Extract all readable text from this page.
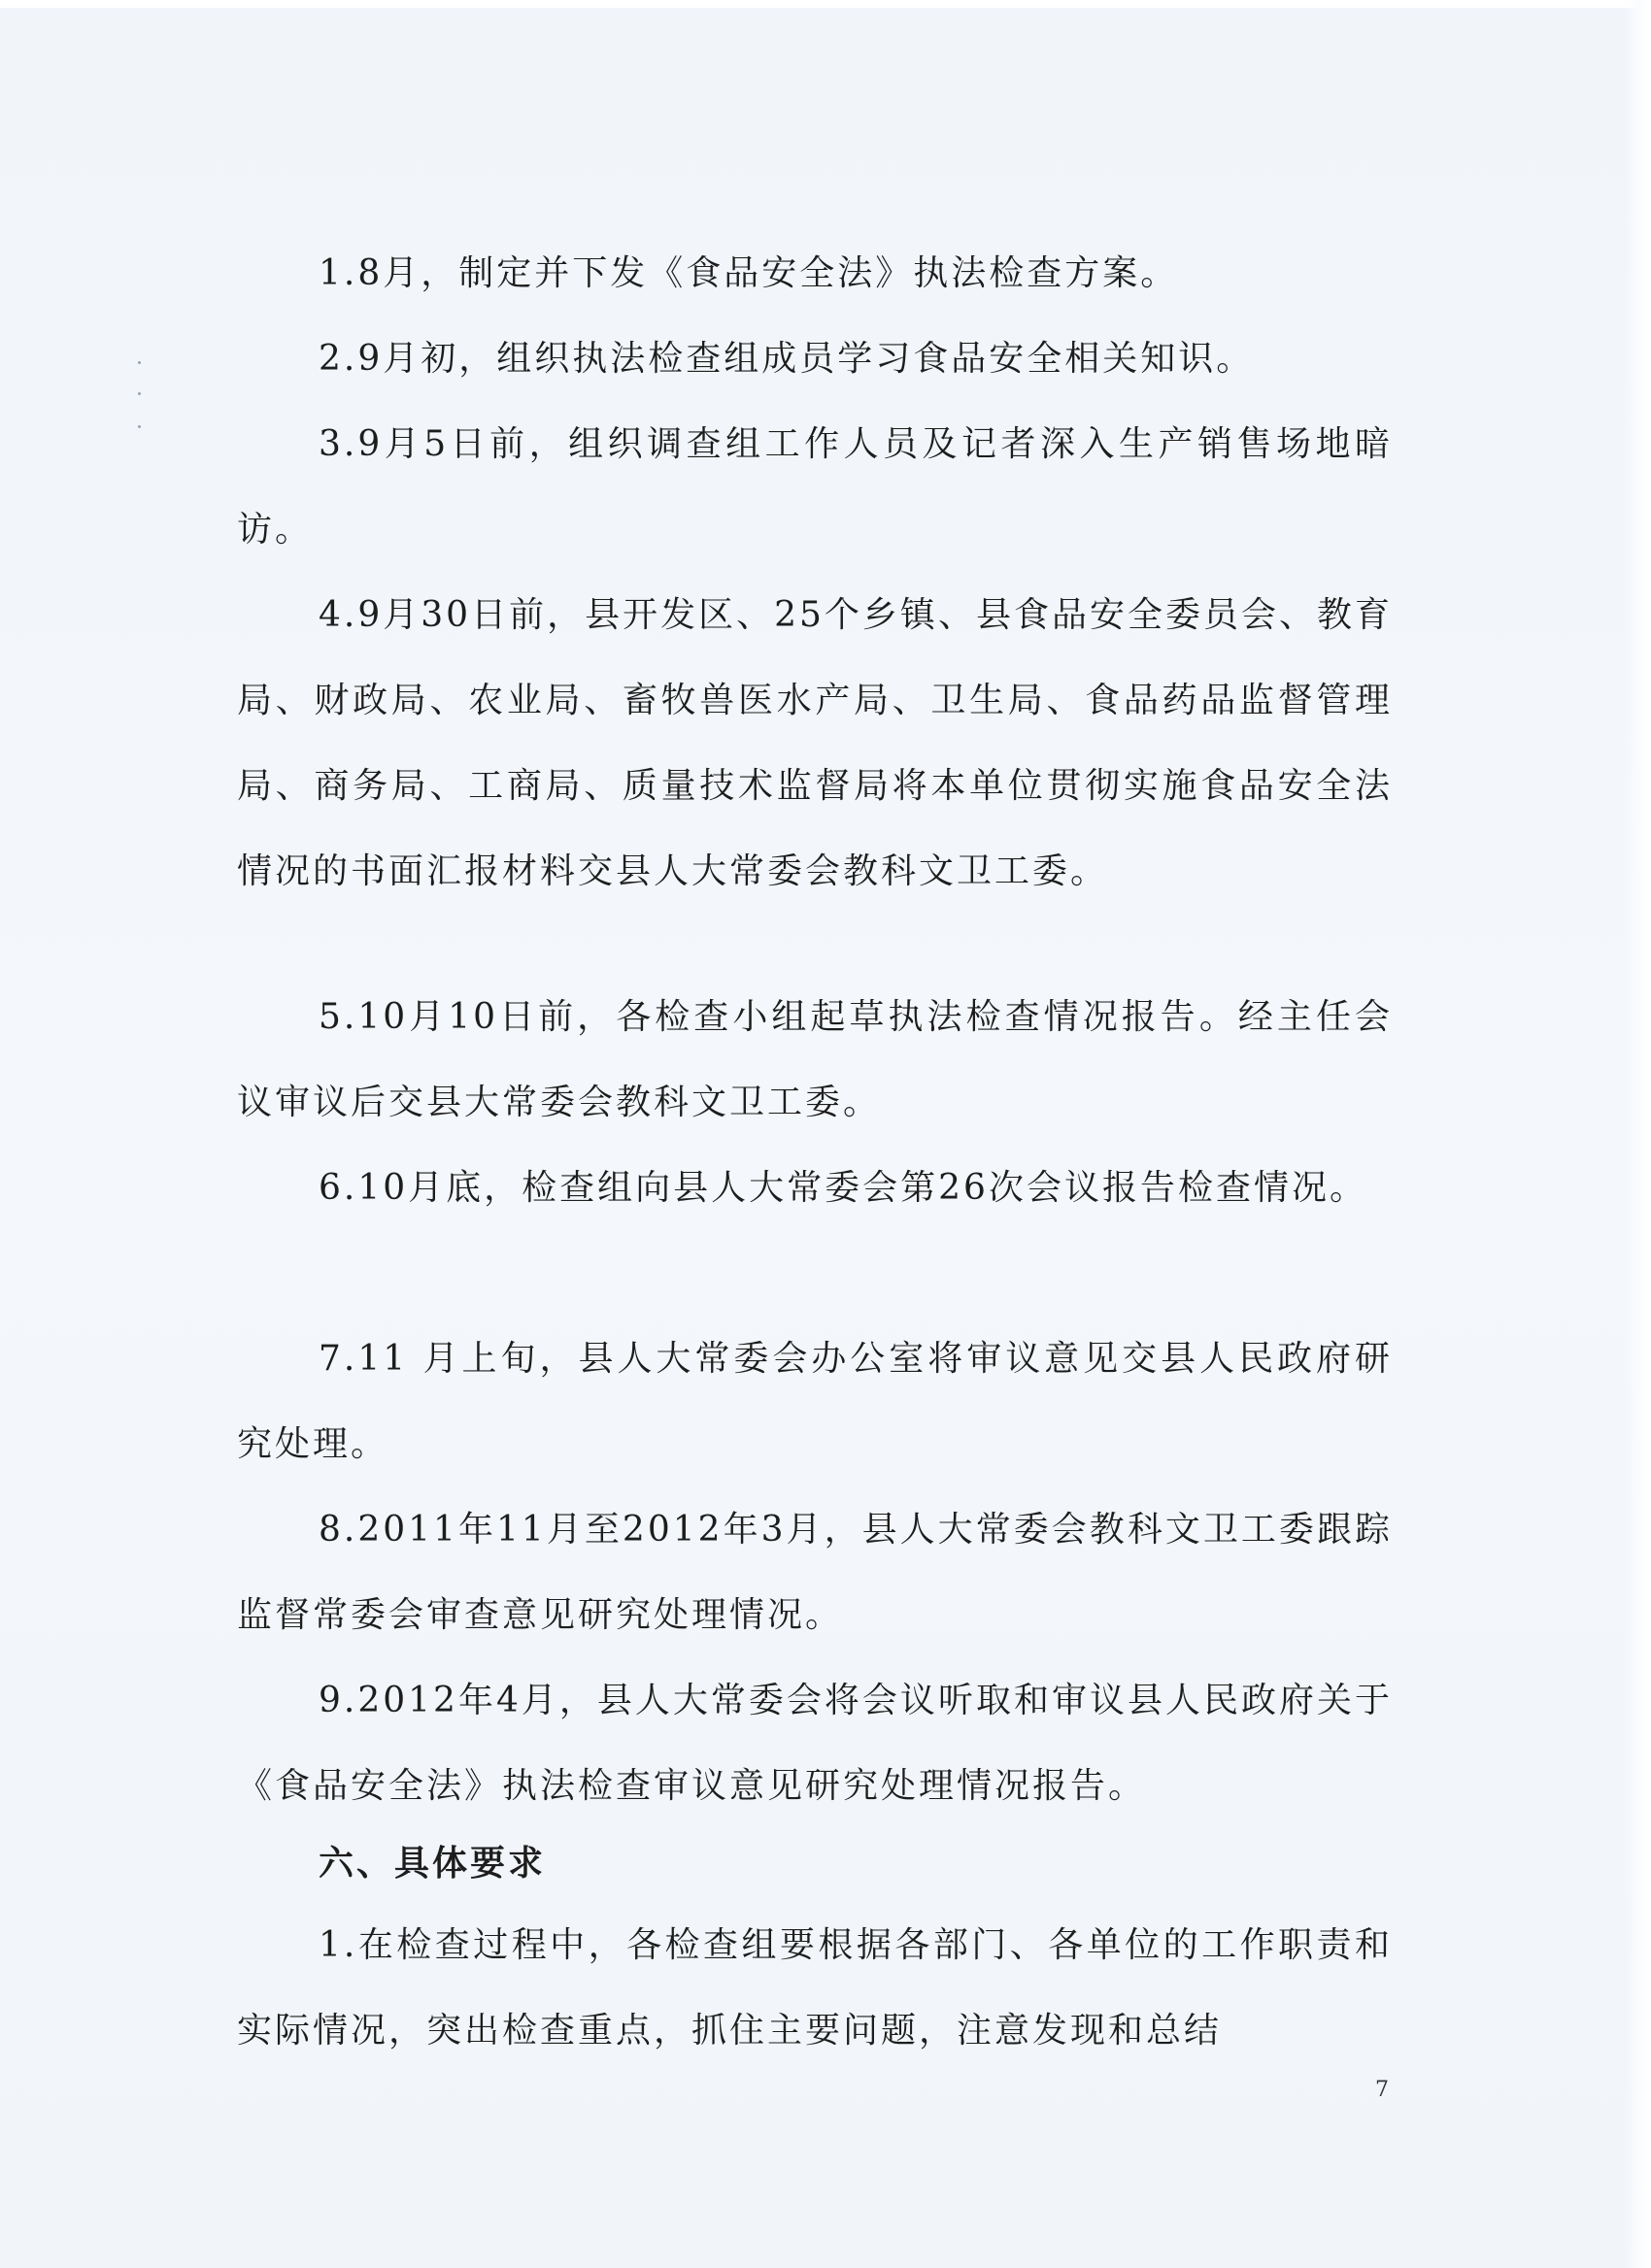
1.8月，制定并下发《食品安全法》执法检查方案。

2.9月初，组织执法检查组成员学习食品安全相关知识。

3.9月5日前，组织调查组工作人员及记者深入生产销售场地暗访。

4.9月30日前，县开发区、25个乡镇、县食品安全委员会、教育局、财政局、农业局、畜牧兽医水产局、卫生局、食品药品监督管理局、商务局、工商局、质量技术监督局将本单位贯彻实施食品安全法情况的书面汇报材料交县人大常委会教科文卫工委。

5.10月10日前，各检查小组起草执法检查情况报告。经主任会议审议后交县大常委会教科文卫工委。

6.10月底，检查组向县人大常委会第26次会议报告检查情况。

7.11 月上旬，县人大常委会办公室将审议意见交县人民政府研究处理。

8.2011年11月至2012年3月，县人大常委会教科文卫工委跟踪监督常委会审查意见研究处理情况。

9.2012年4月，县人大常委会将会议听取和审议县人民政府关于《食品安全法》执法检查审议意见研究处理情况报告。

六、具体要求

1.在检查过程中，各检查组要根据各部门、各单位的工作职责和实际情况，突出检查重点，抓住主要问题，注意发现和总结

7
